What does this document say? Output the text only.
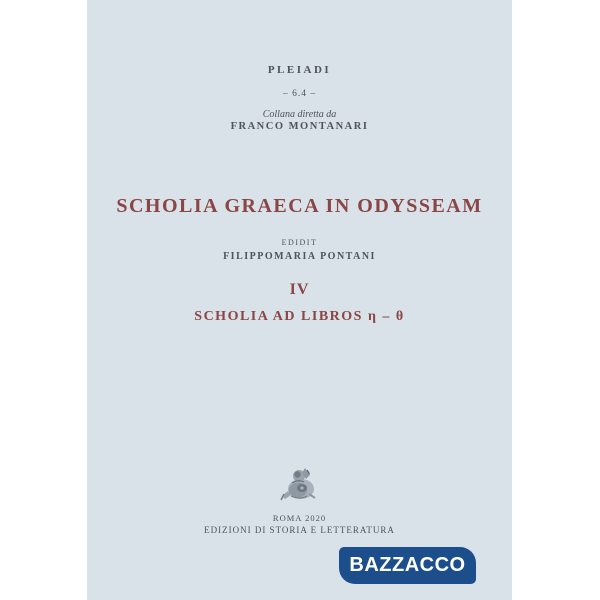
PLEIADI
– 6.4 –
Collana diretta da
FRANCO MONTANARI
SCHOLIA GRAECA IN ODYSSEAM
EDIDIT
FILIPPOMARIA PONTANI
IV
SCHOLIA AD LIBROS η – θ
ROMA 2020
EDIZIONI DI STORIA E LETTERATURA
BAZZACCO
